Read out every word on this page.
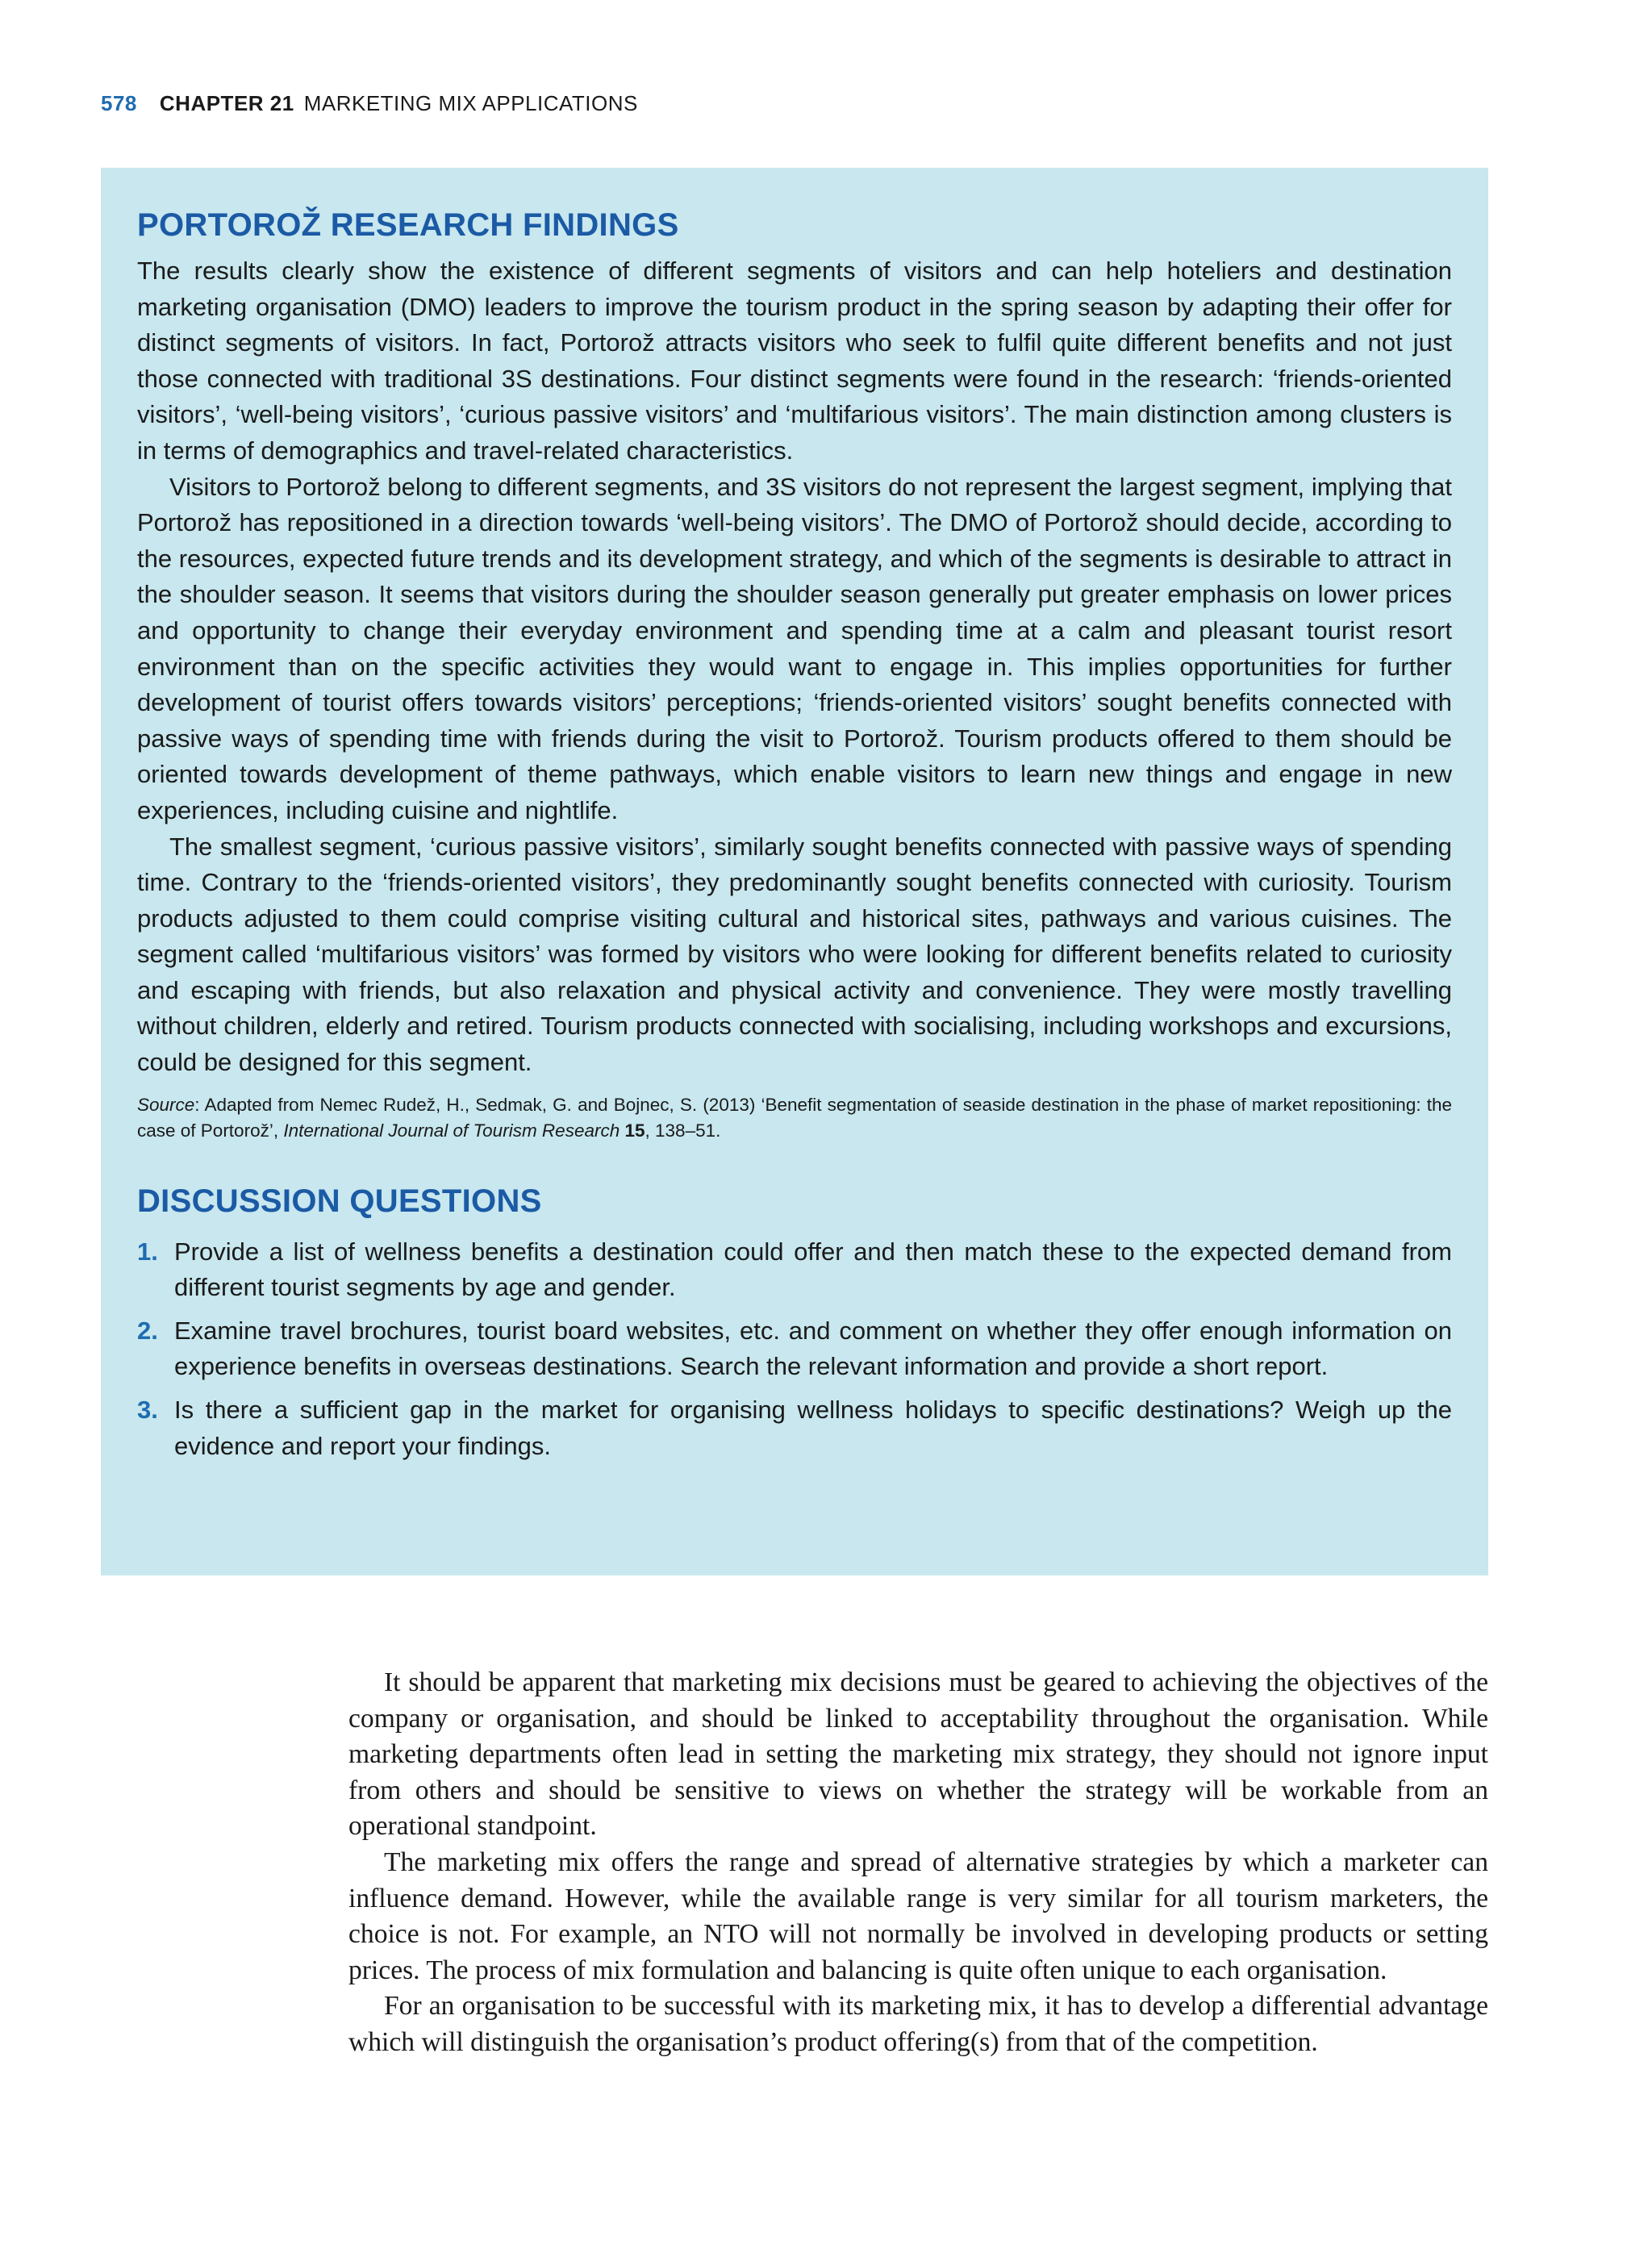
578 CHAPTER 21 MARKETING MIX APPLICATIONS
PORTOROŽ RESEARCH FINDINGS

The results clearly show the existence of different segments of visitors and can help hoteliers and destination marketing organisation (DMO) leaders to improve the tourism product in the spring season by adapting their offer for distinct segments of visitors. In fact, Portorož attracts visitors who seek to fulfil quite different benefits and not just those connected with traditional 3S destinations. Four distinct segments were found in the research: ‘friends-oriented visitors’, ‘well-being visitors’, ‘curious passive visitors’ and ‘multifarious visitors’. The main distinction among clusters is in terms of demographics and travel-related characteristics.

Visitors to Portorož belong to different segments, and 3S visitors do not represent the largest segment, implying that Portorož has repositioned in a direction towards ‘well-being visitors’. The DMO of Portorož should decide, according to the resources, expected future trends and its development strategy, and which of the segments is desirable to attract in the shoulder season. It seems that visitors during the shoulder season generally put greater emphasis on lower prices and opportunity to change their everyday environment and spending time at a calm and pleasant tourist resort environment than on the specific activities they would want to engage in. This implies opportunities for further development of tourist offers towards visitors’ perceptions; ‘friends-oriented visitors’ sought benefits connected with passive ways of spending time with friends during the visit to Portorož. Tourism products offered to them should be oriented towards development of theme pathways, which enable visitors to learn new things and engage in new experiences, including cuisine and nightlife.

The smallest segment, ‘curious passive visitors’, similarly sought benefits connected with passive ways of spending time. Contrary to the ‘friends-oriented visitors’, they predominantly sought benefits connected with curiosity. Tourism products adjusted to them could comprise visiting cultural and historical sites, pathways and various cuisines. The segment called ‘multifarious visitors’ was formed by visitors who were looking for different benefits related to curiosity and escaping with friends, but also relaxation and physical activity and convenience. They were mostly travelling without children, elderly and retired. Tourism products connected with socialising, including workshops and excursions, could be designed for this segment.

Source: Adapted from Nemec Rudež, H., Sedmak, G. and Bojnec, S. (2013) ‘Benefit segmentation of seaside destination in the phase of market repositioning: the case of Portorož’, International Journal of Tourism Research 15, 138–51.

DISCUSSION QUESTIONS
1. Provide a list of wellness benefits a destination could offer and then match these to the expected demand from different tourist segments by age and gender.
2. Examine travel brochures, tourist board websites, etc. and comment on whether they offer enough information on experience benefits in overseas destinations. Search the relevant information and provide a short report.
3. Is there a sufficient gap in the market for organising wellness holidays to specific destinations? Weigh up the evidence and report your findings.

It should be apparent that marketing mix decisions must be geared to achieving the objectives of the company or organisation, and should be linked to acceptability throughout the organisation. While marketing departments often lead in setting the marketing mix strategy, they should not ignore input from others and should be sensitive to views on whether the strategy will be workable from an operational standpoint.

The marketing mix offers the range and spread of alternative strategies by which a marketer can influence demand. However, while the available range is very similar for all tourism marketers, the choice is not. For example, an NTO will not normally be involved in developing products or setting prices. The process of mix formulation and balancing is quite often unique to each organisation.

For an organisation to be successful with its marketing mix, it has to develop a differential advantage which will distinguish the organisation’s product offering(s) from that of the competition.
